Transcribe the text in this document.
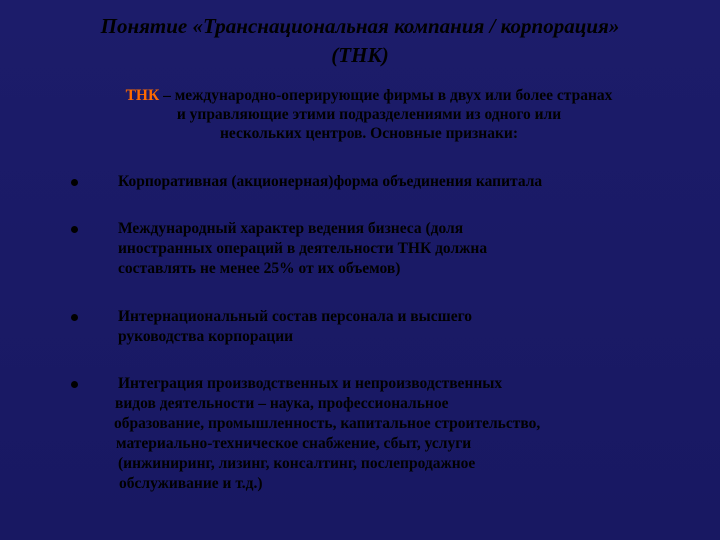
Понятие «Транснациональная компания / корпорация»
(ТНК)
ТНК – международно-оперирующие фирмы в двух или более странах
и управляющие этими подразделениями из одного или
нескольких центров. Основные признаки:
Корпоративная (акционерная)форма объединения капитала
Международный характер ведения бизнеса (доля
иностранных операций в деятельности ТНК должна
составлять не менее 25% от их объемов)
Интернациональный состав персонала и высшего
руководства корпорации
Интеграция производственных и непроизводственных
видов деятельности – наука, профессиональное
образование, промышленность, капитальное строительство,
материально-техническое снабжение, сбыт, услуги
(инжиниринг, лизинг, консалтинг, послепродажное
обслуживание и т.д.)
